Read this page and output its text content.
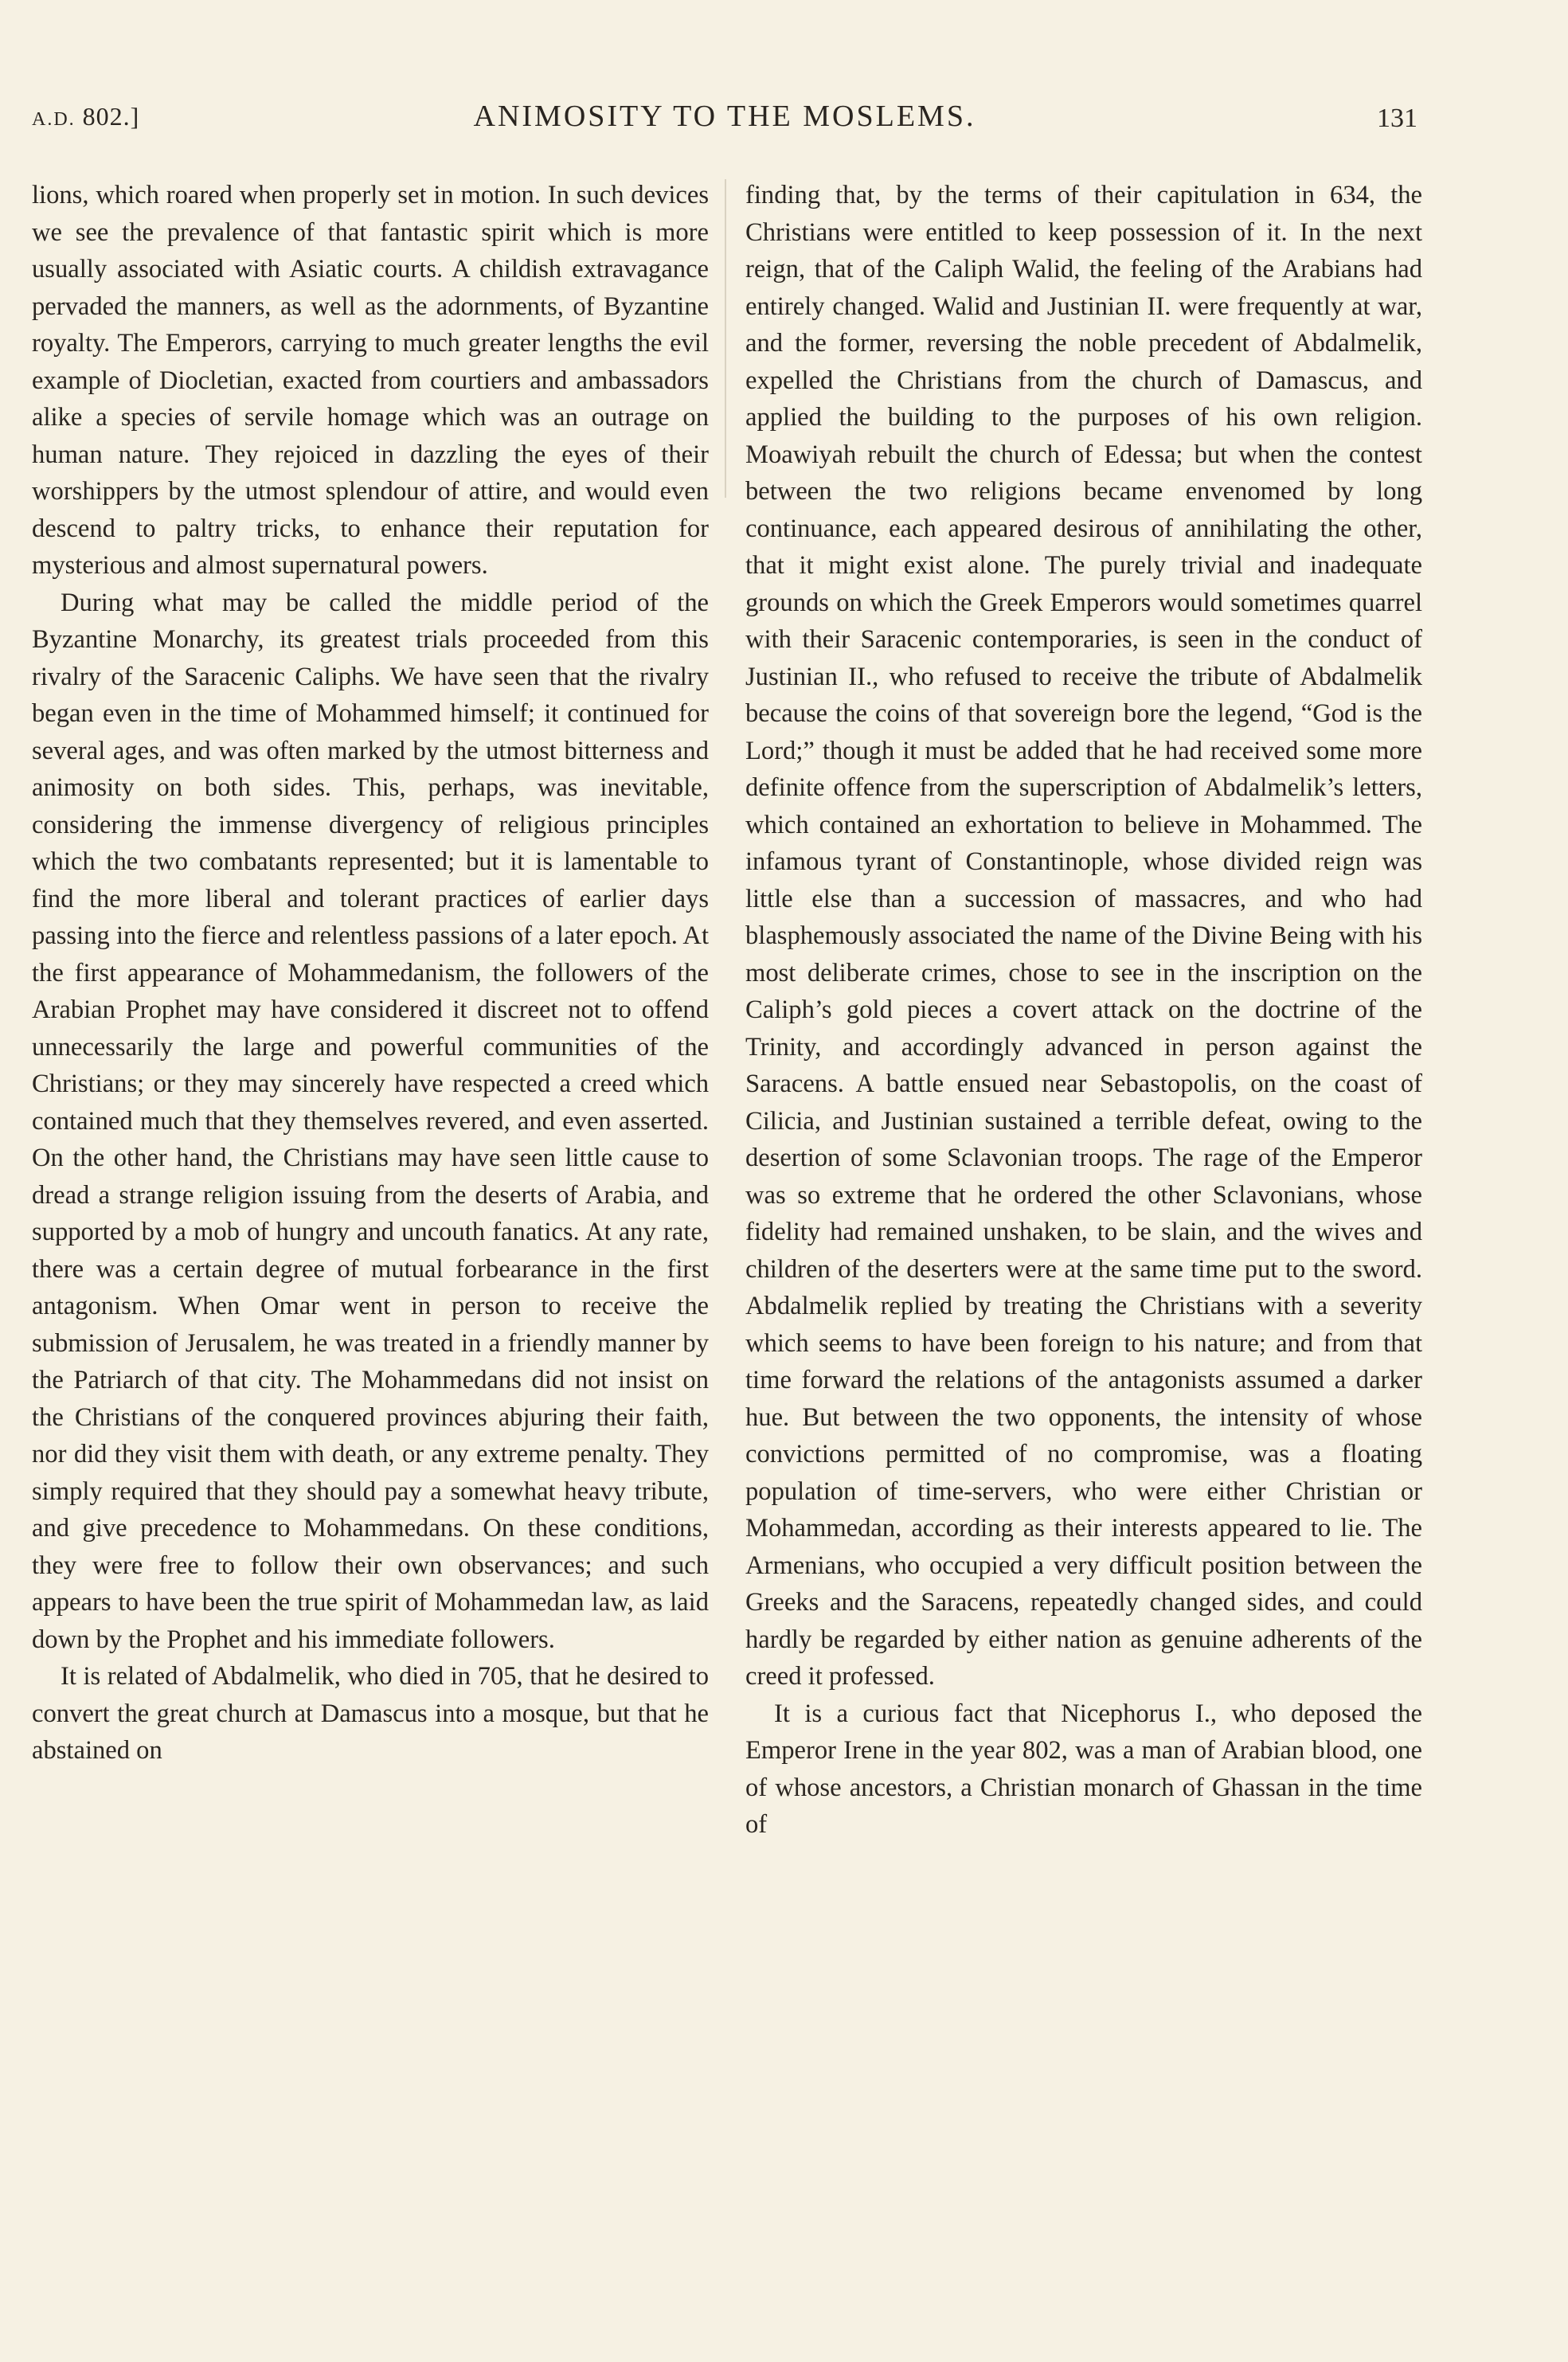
A.D. 802.]	ANIMOSITY TO THE MOSLEMS.	131

lions, which roared when properly set in motion. In such devices we see the prevalence of that fantastic spirit which is more usually associated with Asiatic courts. A childish extravagance pervaded the manners, as well as the adornments, of Byzantine royalty. The Emperors, carrying to much greater lengths the evil example of Diocletian, exacted from courtiers and ambassadors alike a species of servile homage which was an outrage on human nature. They rejoiced in dazzling the eyes of their worshippers by the utmost splendour of attire, and would even descend to paltry tricks, to enhance their reputation for mysterious and almost supernatural powers.

During what may be called the middle period of the Byzantine Monarchy, its greatest trials proceeded from this rivalry of the Saracenic Caliphs. We have seen that the rivalry began even in the time of Mohammed himself; it continued for several ages, and was often marked by the utmost bitterness and animosity on both sides. This, perhaps, was inevitable, considering the immense divergency of religious principles which the two combatants represented; but it is lamentable to find the more liberal and tolerant practices of earlier days passing into the fierce and relentless passions of a later epoch. At the first appearance of Mohammedanism, the followers of the Arabian Prophet may have considered it discreet not to offend unnecessarily the large and powerful communities of the Christians; or they may sincerely have respected a creed which contained much that they themselves revered, and even asserted. On the other hand, the Christians may have seen little cause to dread a strange religion issuing from the deserts of Arabia, and supported by a mob of hungry and uncouth fanatics. At any rate, there was a certain degree of mutual forbearance in the first antagonism. When Omar went in person to receive the submission of Jerusalem, he was treated in a friendly manner by the Patriarch of that city. The Mohammedans did not insist on the Christians of the conquered provinces abjuring their faith, nor did they visit them with death, or any extreme penalty. They simply required that they should pay a somewhat heavy tribute, and give precedence to Mohammedans. On these conditions, they were free to follow their own observances; and such appears to have been the true spirit of Mohammedan law, as laid down by the Prophet and his immediate followers.

It is related of Abdalmelik, who died in 705, that he desired to convert the great church at Damascus into a mosque, but that he abstained on

finding that, by the terms of their capitulation in 634, the Christians were entitled to keep possession of it. In the next reign, that of the Caliph Walid, the feeling of the Arabians had entirely changed. Walid and Justinian II. were frequently at war, and the former, reversing the noble precedent of Abdalmelik, expelled the Christians from the church of Damascus, and applied the building to the purposes of his own religion. Moawiyah rebuilt the church of Edessa; but when the contest between the two religions became envenomed by long continuance, each appeared desirous of annihilating the other, that it might exist alone. The purely trivial and inadequate grounds on which the Greek Emperors would sometimes quarrel with their Saracenic contemporaries, is seen in the conduct of Justinian II., who refused to receive the tribute of Abdalmelik because the coins of that sovereign bore the legend, “God is the Lord;” though it must be added that he had received some more definite offence from the superscription of Abdalmelik’s letters, which contained an exhortation to believe in Mohammed. The infamous tyrant of Constantinople, whose divided reign was little else than a succession of massacres, and who had blasphemously associated the name of the Divine Being with his most deliberate crimes, chose to see in the inscription on the Caliph’s gold pieces a covert attack on the doctrine of the Trinity, and accordingly advanced in person against the Saracens. A battle ensued near Sebastopolis, on the coast of Cilicia, and Justinian sustained a terrible defeat, owing to the desertion of some Sclavonian troops. The rage of the Emperor was so extreme that he ordered the other Sclavonians, whose fidelity had remained unshaken, to be slain, and the wives and children of the deserters were at the same time put to the sword. Abdalmelik replied by treating the Christians with a severity which seems to have been foreign to his nature; and from that time forward the relations of the antagonists assumed a darker hue. But between the two opponents, the intensity of whose convictions permitted of no compromise, was a floating population of time-servers, who were either Christian or Mohammedan, according as their interests appeared to lie. The Armenians, who occupied a very difficult position between the Greeks and the Saracens, repeatedly changed sides, and could hardly be regarded by either nation as genuine adherents of the creed it professed.

It is a curious fact that Nicephorus I., who deposed the Emperor Irene in the year 802, was a man of Arabian blood, one of whose ancestors, a Christian monarch of Ghassan in the time of
